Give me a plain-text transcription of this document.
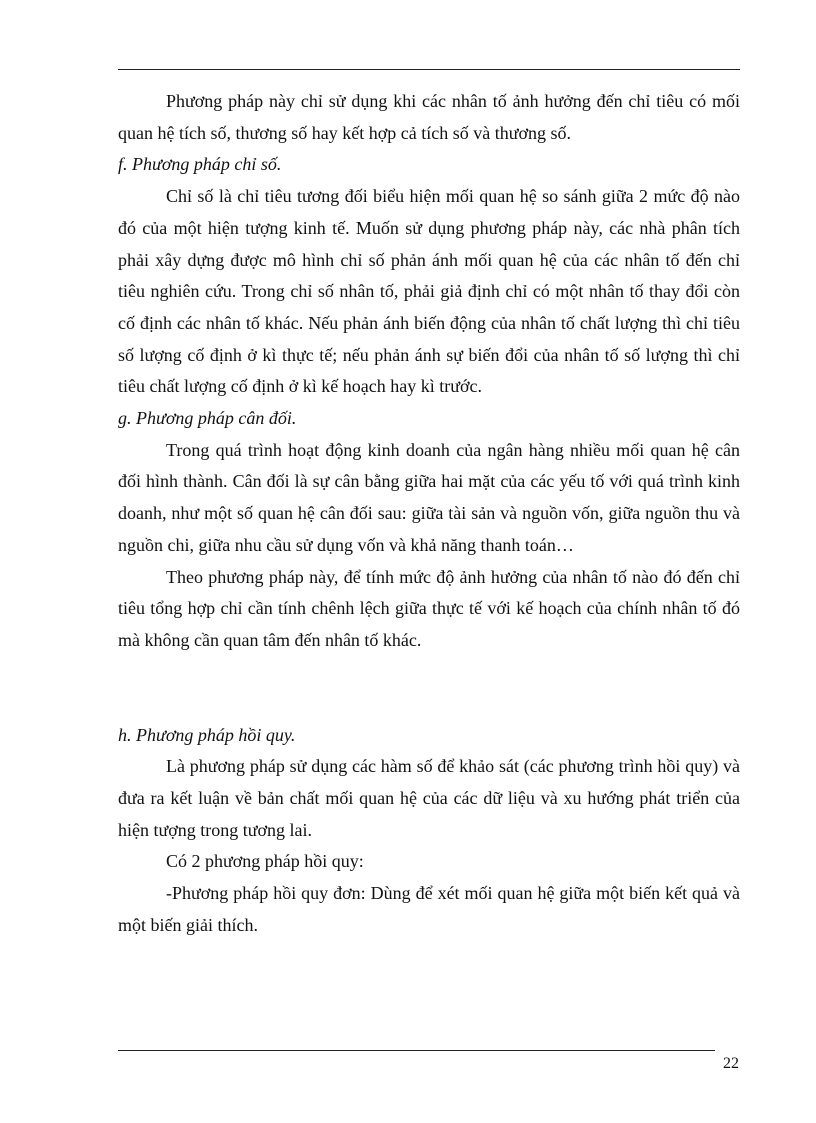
Phương pháp này chỉ sử dụng khi các nhân tố ảnh hưởng đến chỉ tiêu có mối quan hệ tích số, thương số hay kết hợp cả tích số và thương số.

f. Phương pháp chỉ số.

Chỉ số là chỉ tiêu tương đối biểu hiện mối quan hệ so sánh giữa 2 mức độ nào đó của một hiện tượng kinh tế. Muốn sử dụng phương pháp này, các nhà phân tích phải xây dựng được mô hình chỉ số phản ánh mối quan hệ của các nhân tố đến chỉ tiêu nghiên cứu. Trong chỉ số nhân tố, phải giả định chỉ có một nhân tố thay đổi còn cố định các nhân tố khác. Nếu phản ánh biến động của nhân tố chất lượng thì chỉ tiêu số lượng cố định ở kì thực tế; nếu phản ánh sự biến đổi của nhân tố số lượng thì chỉ tiêu chất lượng cố định ở kì kế hoạch hay kì trước.

g. Phương pháp cân đối.

Trong quá trình hoạt động kinh doanh của ngân hàng nhiều mối quan hệ cân đối hình thành. Cân đối là sự cân bằng giữa hai mặt của các yếu tố với quá trình kinh doanh, như một số quan hệ cân đối sau: giữa tài sản và nguồn vốn, giữa nguồn thu và nguồn chi, giữa nhu cầu sử dụng vốn và khả năng thanh toán…

Theo phương pháp này, để tính mức độ ảnh hưởng của nhân tố nào đó đến chỉ tiêu tổng hợp chỉ cần tính chênh lệch giữa thực tế với kế hoạch của chính nhân tố đó mà không cần quan tâm đến nhân tố khác.

h. Phương pháp hồi quy.

Là phương pháp sử dụng các hàm số để khảo sát (các phương trình hồi quy) và đưa ra kết luận về bản chất mối quan hệ của các dữ liệu và xu hướng phát triển của hiện tượng trong tương lai.

Có 2 phương pháp hồi quy:

-Phương pháp hồi quy đơn: Dùng để xét mối quan hệ giữa một biến kết quả và một biến giải thích.

22
